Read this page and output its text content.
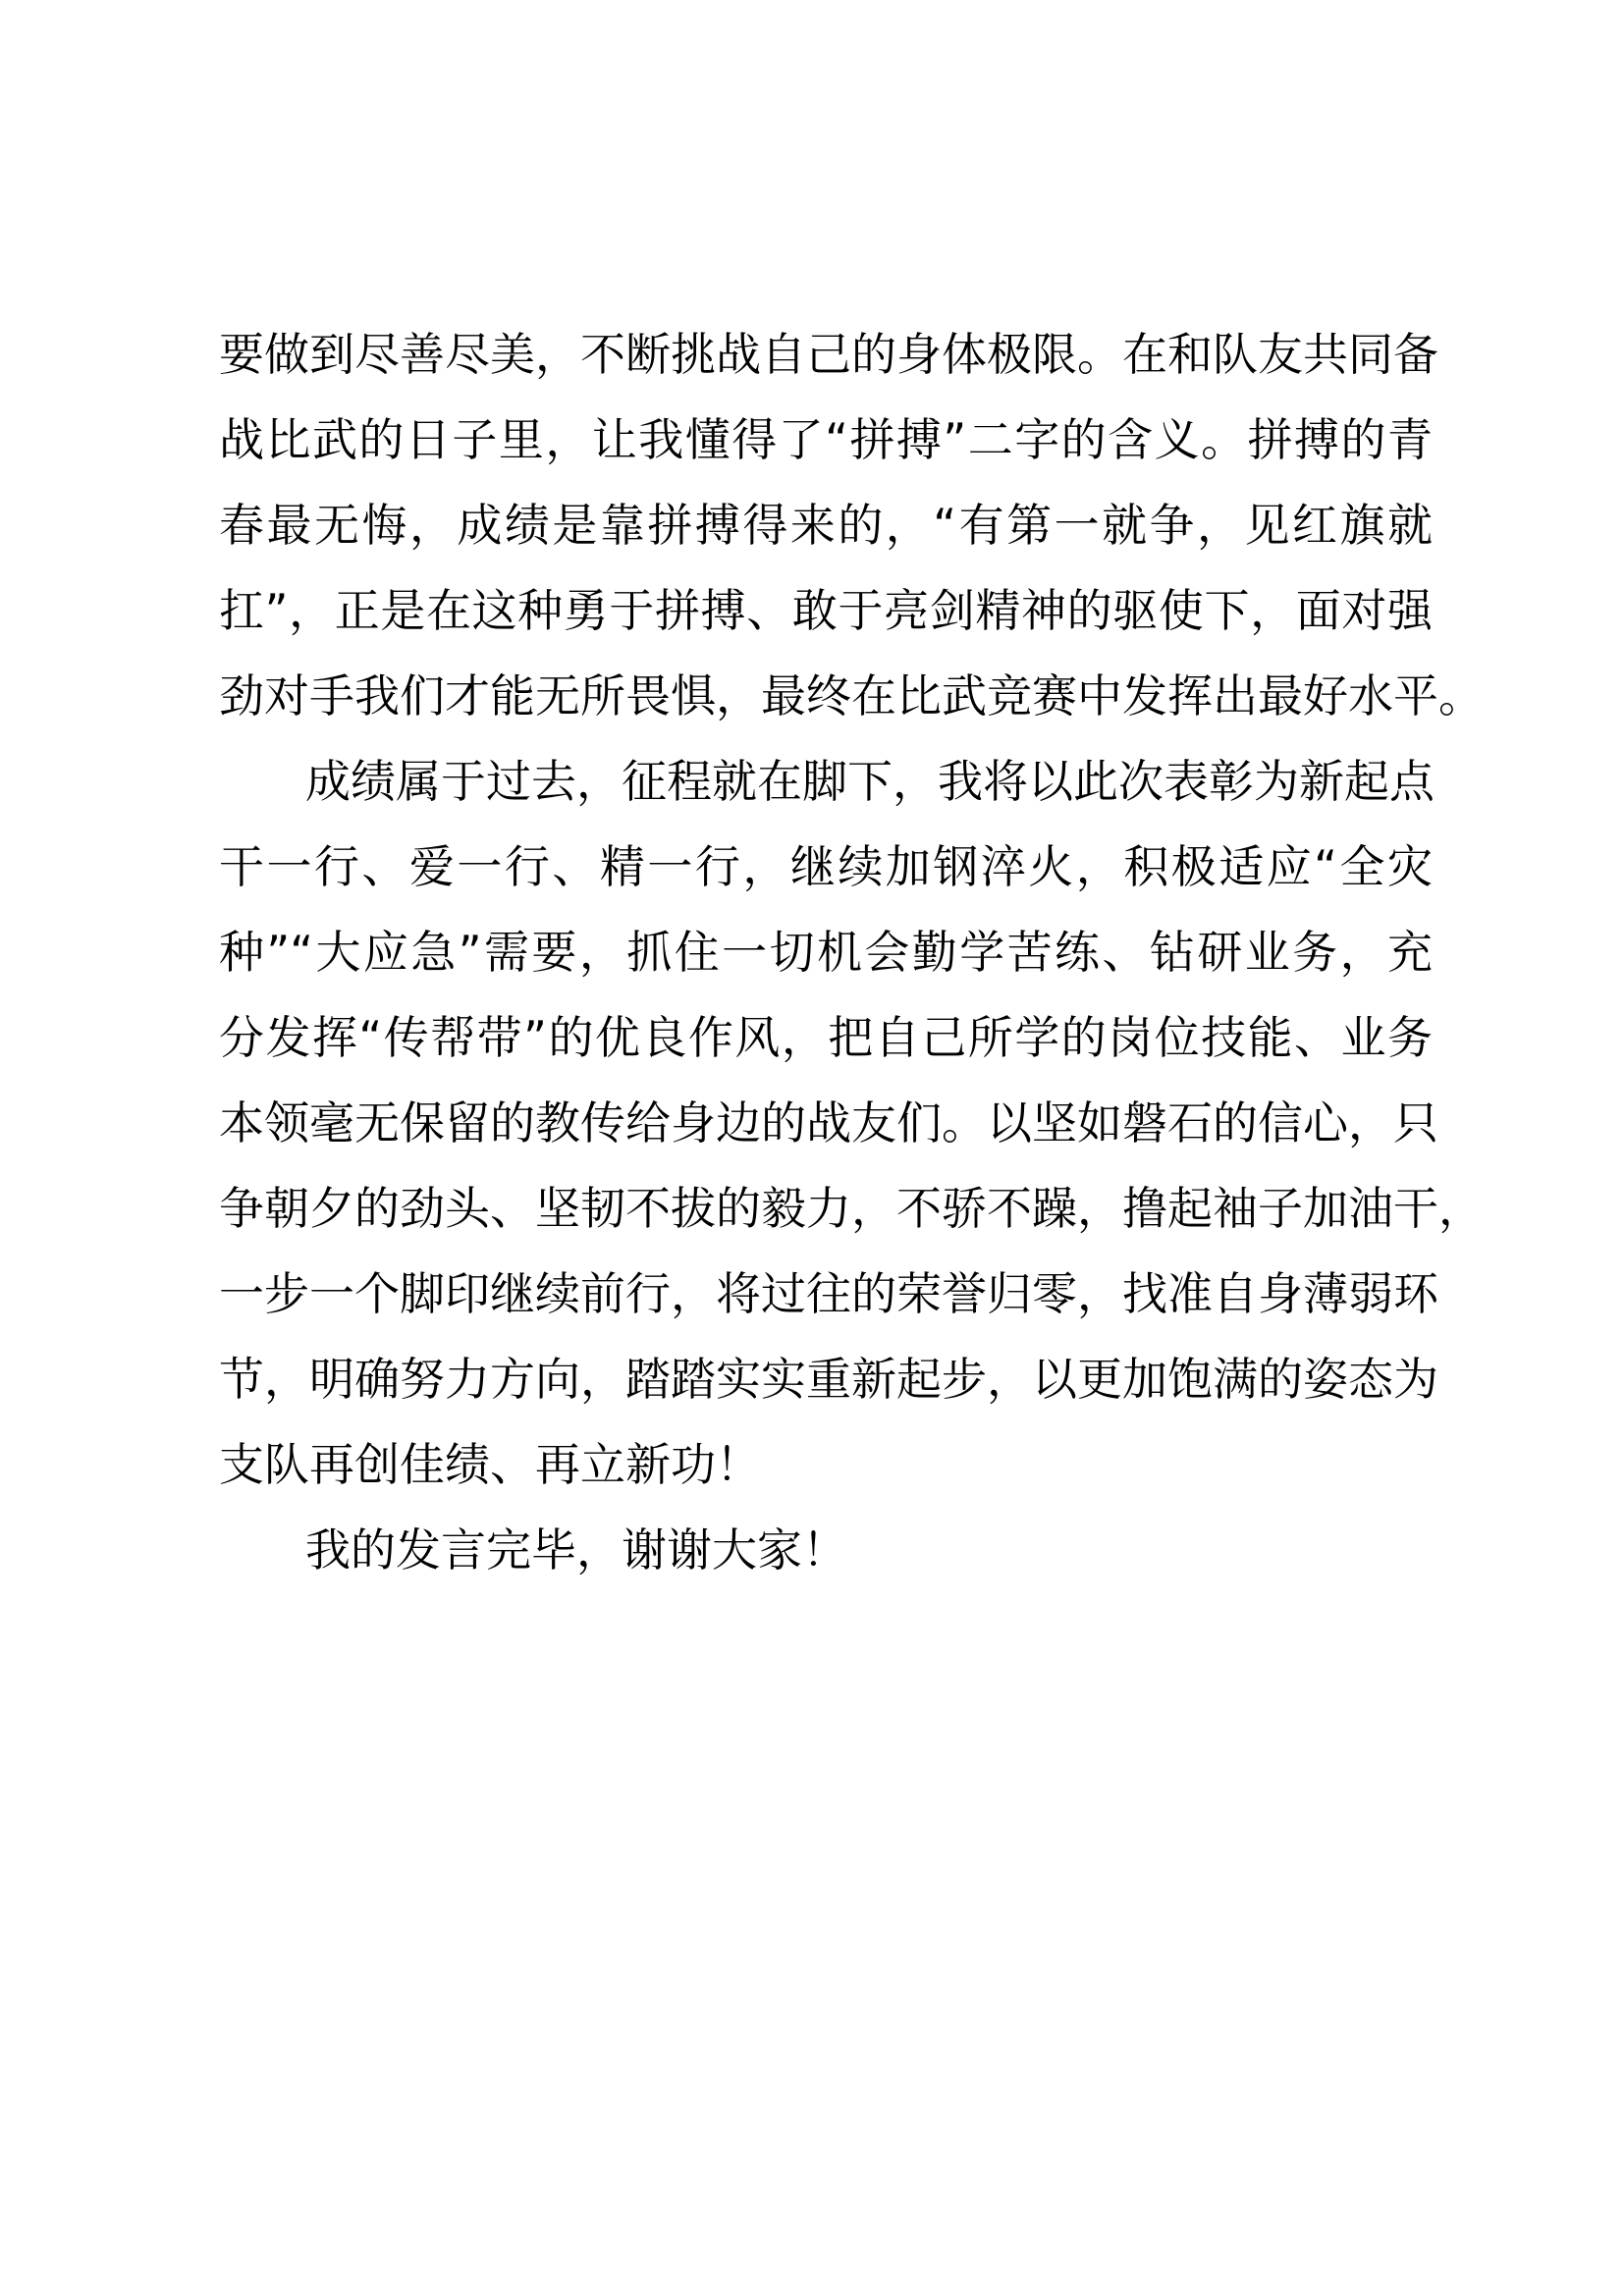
要做到尽善尽美，不断挑战自己的身体极限。在和队友共同备
战比武的日子里，让我懂得了“拼搏”二字的含义。拼搏的青
春最无悔，成绩是靠拼搏得来的，“有第一就争，见红旗就
扛”，正是在这种勇于拼搏、敢于亮剑精神的驱使下，面对强
劲对手我们才能无所畏惧，最终在比武竞赛中发挥出最好水平。
成绩属于过去，征程就在脚下，我将以此次表彰为新起点
干一行、爱一行、精一行，继续加钢淬火，积极适应“全灾
种”“大应急”需要，抓住一切机会勤学苦练、钻研业务，充
分发挥“传帮带”的优良作风，把自己所学的岗位技能、业务
本领毫无保留的教传给身边的战友们。以坚如磐石的信心，只
争朝夕的劲头、坚韧不拔的毅力，不骄不躁，撸起袖子加油干，
一步一个脚印继续前行，将过往的荣誉归零，找准自身薄弱环
节，明确努力方向，踏踏实实重新起步，以更加饱满的姿态为
支队再创佳绩、再立新功！
我的发言完毕，谢谢大家！
